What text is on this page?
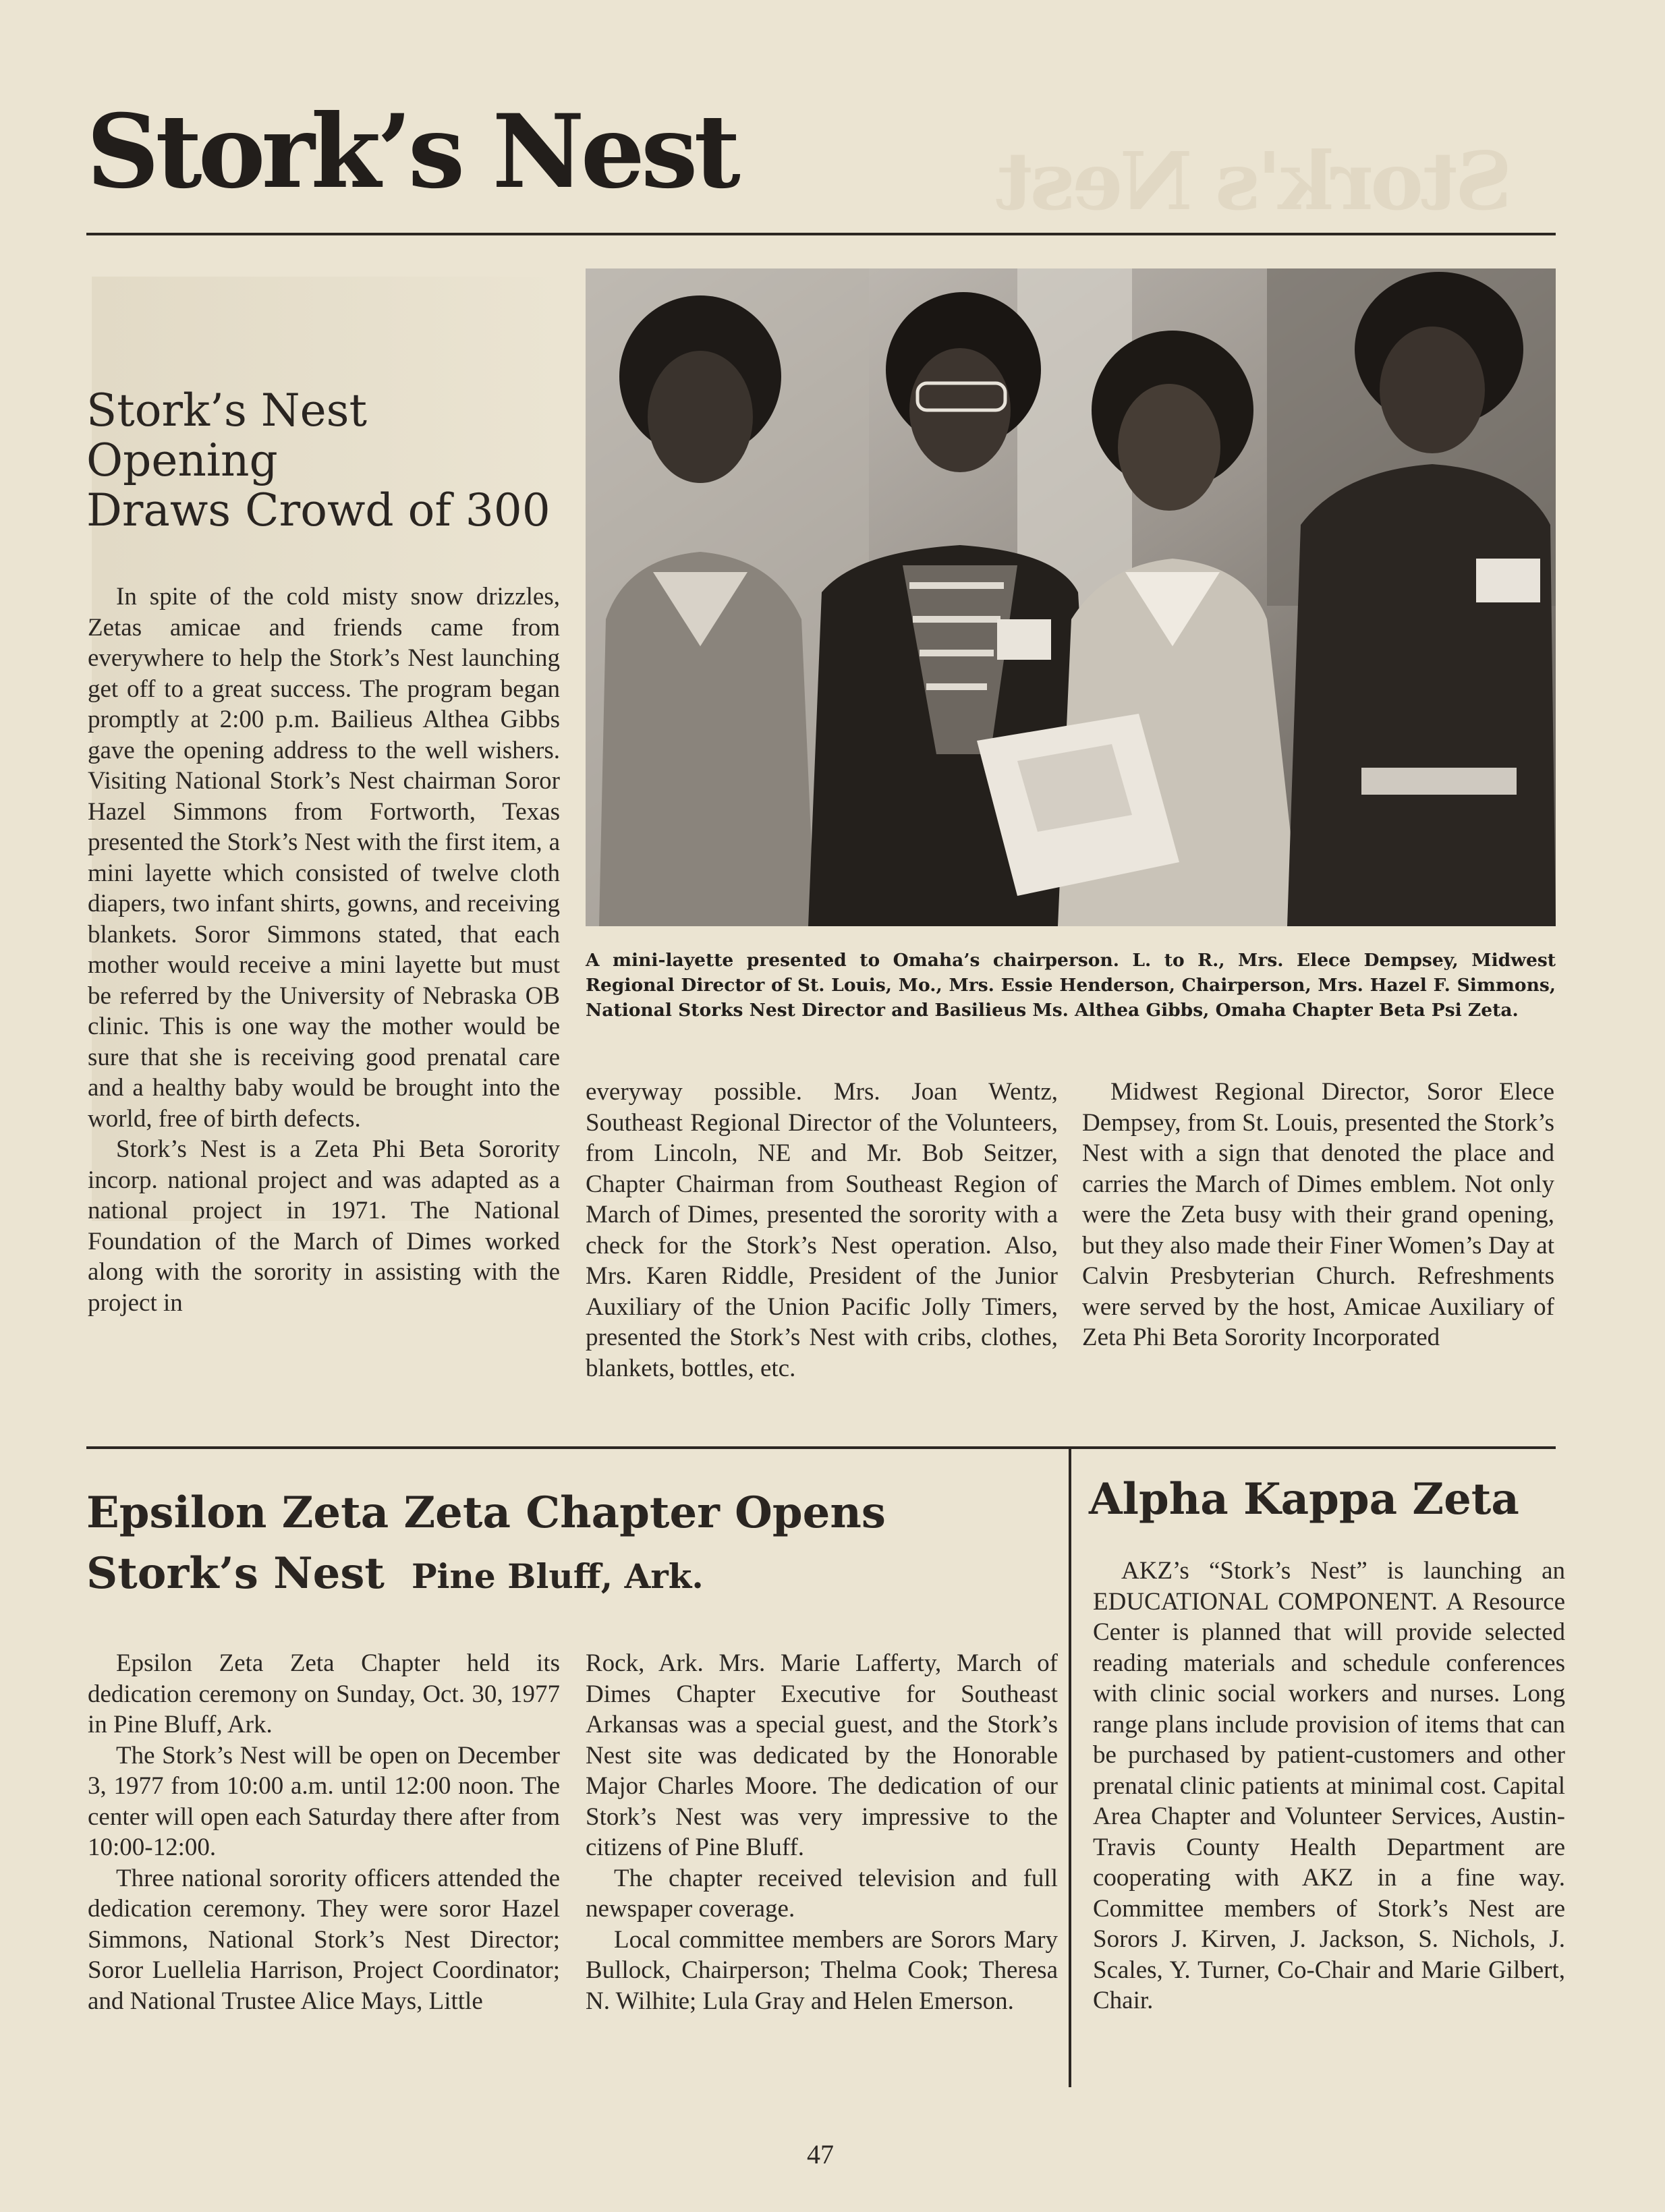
Stork’s Nest	Stork's Nest
Stork’s Nest
Opening
Draws Crowd of 300

In spite of the cold misty snow drizzles, Zetas amicae and friends came from everywhere to help the Stork’s Nest launching get off to a great success. The program began promptly at 2:00 p.m. Bailieus Althea Gibbs gave the opening address to the well wishers. Visiting National Stork’s Nest chairman Soror Hazel Simmons from Fortworth, Texas presented the Stork’s Nest with the first item, a mini layette which consisted of twelve cloth diapers, two infant shirts, gowns, and receiving blankets. Soror Simmons stated, that each mother would receive a mini layette but must be referred by the University of Nebraska OB clinic. This is one way the mother would be sure that she is receiving good prenatal care and a healthy baby would be brought into the world, free of birth defects.

Stork’s Nest is a Zeta Phi Beta Sorority incorp. national project and was adapted as a national project in 1971. The National Foundation of the March of Dimes worked along with the sorority in assisting with the project in

A mini-layette presented to Omaha’s chairperson. L. to R., Mrs. Elece Dempsey, Midwest Regional Director of St. Louis, Mo., Mrs. Essie Henderson, Chairperson, Mrs. Hazel F. Simmons, National Storks Nest Director and Basilieus Ms. Althea Gibbs, Omaha Chapter Beta Psi Zeta.

everyway possible. Mrs. Joan Wentz, Southeast Regional Director of the Volunteers, from Lincoln, NE and Mr. Bob Seitzer, Chapter Chairman from Southeast Region of March of Dimes, presented the sorority with a check for the Stork’s Nest operation. Also, Mrs. Karen Riddle, President of the Junior Auxiliary of the Union Pacific Jolly Timers, presented the Stork’s Nest with cribs, clothes, blankets, bottles, etc.

Midwest Regional Director, Soror Elece Dempsey, from St. Louis, presented the Stork’s Nest with a sign that denoted the place and carries the March of Dimes emblem. Not only were the Zeta busy with their grand opening, but they also made their Finer Women’s Day at Calvin Presbyterian Church. Refreshments were served by the host, Amicae Auxiliary of Zeta Phi Beta Sorority Incorporated

Epsilon Zeta Zeta Chapter Opens
Stork’s Nest Pine Bluff, Ark.

Epsilon Zeta Zeta Chapter held its dedication ceremony on Sunday, Oct. 30, 1977 in Pine Bluff, Ark.

The Stork’s Nest will be open on December 3, 1977 from 10:00 a.m. until 12:00 noon. The center will open each Saturday there after from 10:00-12:00.

Three national sorority officers attended the dedication ceremony. They were soror Hazel Simmons, National Stork’s Nest Director; Soror Luellelia Harrison, Project Coordinator; and National Trustee Alice Mays, Little

Rock, Ark. Mrs. Marie Lafferty, March of Dimes Chapter Executive for Southeast Arkansas was a special guest, and the Stork’s Nest site was dedicated by the Honorable Major Charles Moore. The dedication of our Stork’s Nest was very impressive to the citizens of Pine Bluff.

The chapter received television and full newspaper coverage.

Local committee members are Sorors Mary Bullock, Chairperson; Thelma Cook; Theresa N. Wilhite; Lula Gray and Helen Emerson.

Alpha Kappa Zeta

AKZ’s “Stork’s Nest” is launching an EDUCATIONAL COMPONENT. A Resource Center is planned that will provide selected reading materials and schedule conferences with clinic social workers and nurses. Long range plans include provision of items that can be purchased by patient-customers and other prenatal clinic patients at minimal cost. Capital Area Chapter and Volunteer Services, Austin-Travis County Health Department are cooperating with AKZ in a fine way. Committee members of Stork’s Nest are Sorors J. Kirven, J. Jackson, S. Nichols, J. Scales, Y. Turner, Co-Chair and Marie Gilbert, Chair.

47
